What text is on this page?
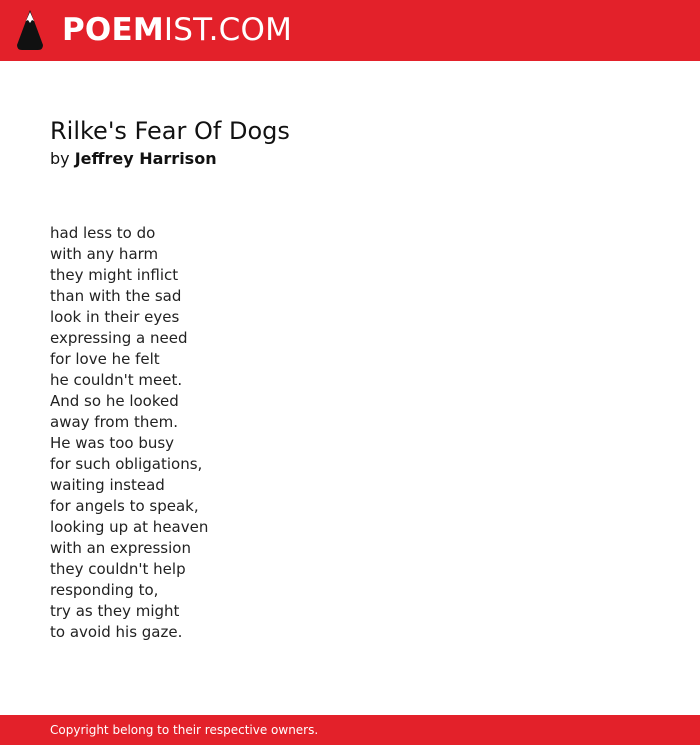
POEMIST.COM
Rilke's Fear Of Dogs
by Jeffrey Harrison
had less to do
with any harm
they might inflict
than with the sad
look in their eyes
expressing a need
for love he felt
he couldn't meet.
And so he looked
away from them.
He was too busy
for such obligations,
waiting instead
for angels to speak,
looking up at heaven
with an expression
they couldn't help
responding to,
try as they might
to avoid his gaze.
Copyright belong to their respective owners.
